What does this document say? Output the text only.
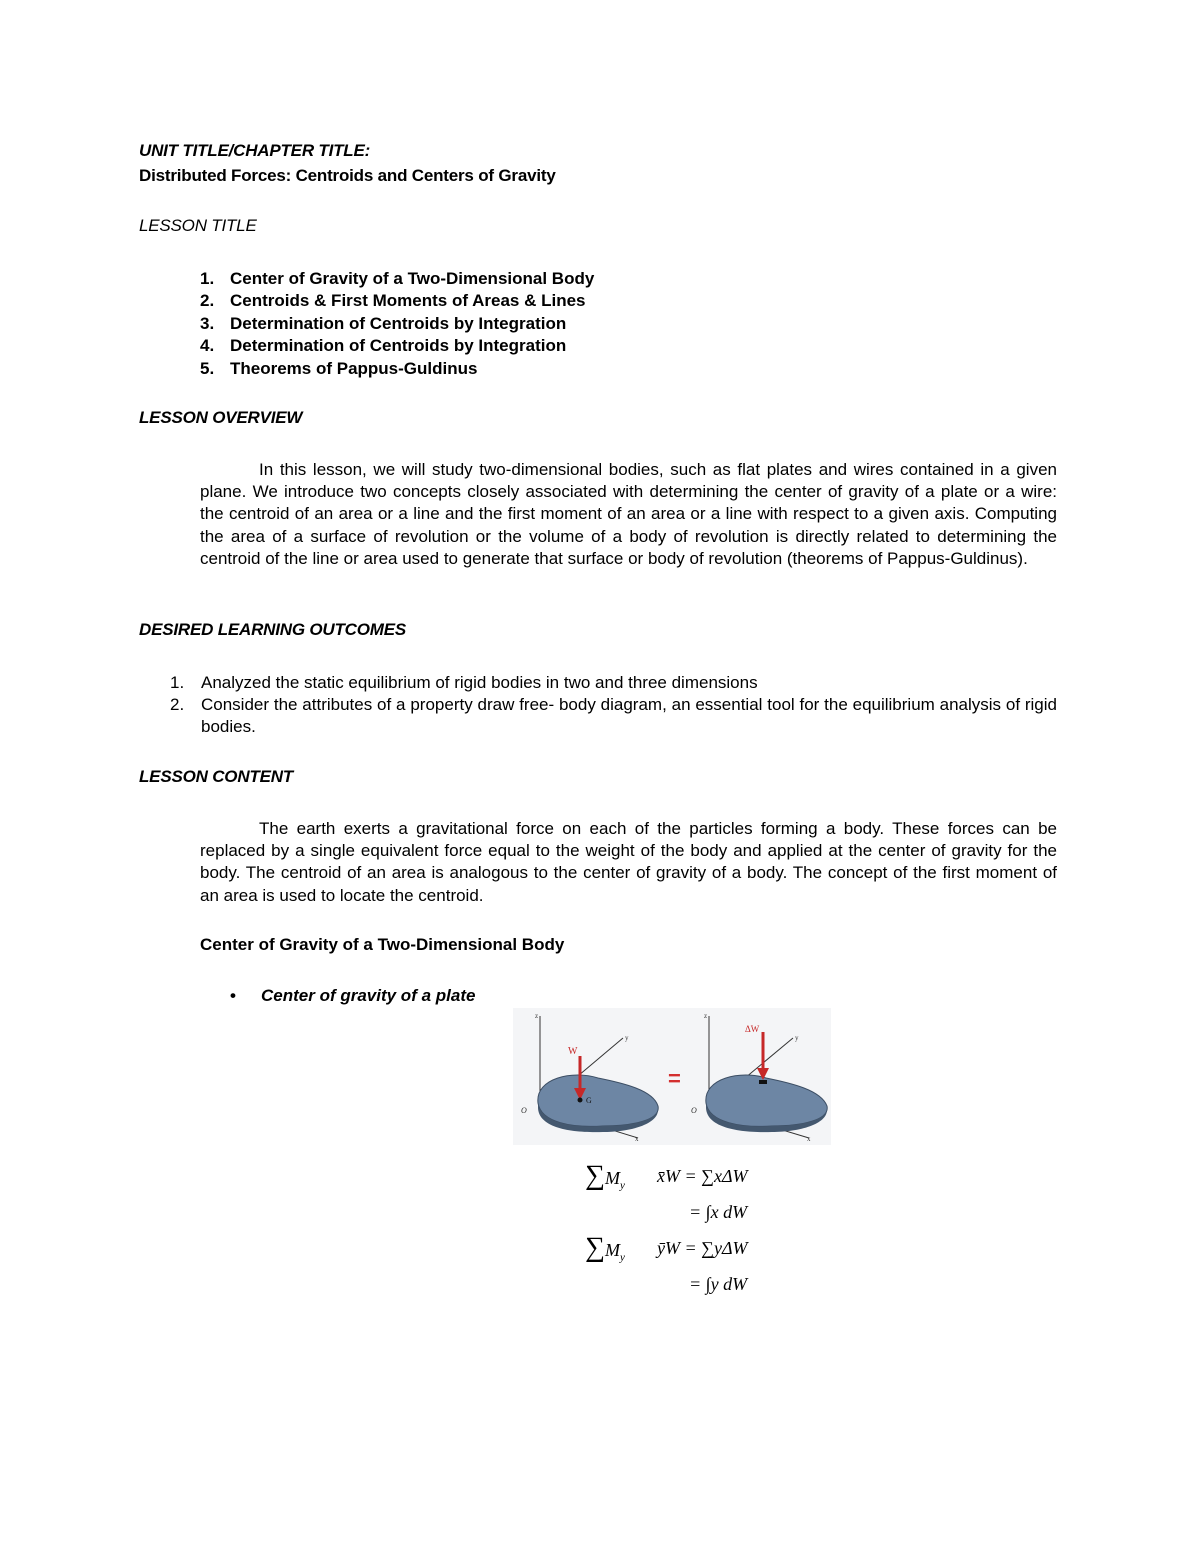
UNIT TITLE/CHAPTER TITLE:
Distributed Forces: Centroids and Centers of Gravity
LESSON TITLE
1. Center of Gravity of a Two-Dimensional Body
2. Centroids & First Moments of Areas & Lines
3. Determination of Centroids by Integration
4. Determination of Centroids by Integration
5. Theorems of Pappus-Guldinus
LESSON OVERVIEW

In this lesson, we will study two-dimensional bodies, such as flat plates and wires contained in a given plane. We introduce two concepts closely associated with determining the center of gravity of a plate or a wire: the centroid of an area or a line and the first moment of an area or a line with respect to a given axis. Computing the area of a surface of revolution or the volume of a body of revolution is directly related to determining the centroid of the line or area used to generate that surface or body of revolution (theorems of Pappus-Guldinus).

DESIRED LEARNING OUTCOMES
1. Analyzed the static equilibrium of rigid bodies in two and three dimensions
2. Consider the attributes of a property draw free- body diagram, an essential tool for the equilibrium analysis of rigid bodies.
LESSON CONTENT

The earth exerts a gravitational force on each of the particles forming a body. These forces can be replaced by a single equivalent force equal to the weight of the body and applied at the center of gravity for the body. The centroid of an area is analogous to the center of gravity of a body. The concept of the first moment of an area is used to locate the centroid.

Center of Gravity of a Two-Dimensional Body
• Center of gravity of a plate
W
z
y
x
O
G
=
ΔW
z
y
x
O
$\sum M_y$ x̄W = ∑xΔW
= ∫x dW
$\sum M_y$ ȳW = ∑yΔW
= ∫y dW
